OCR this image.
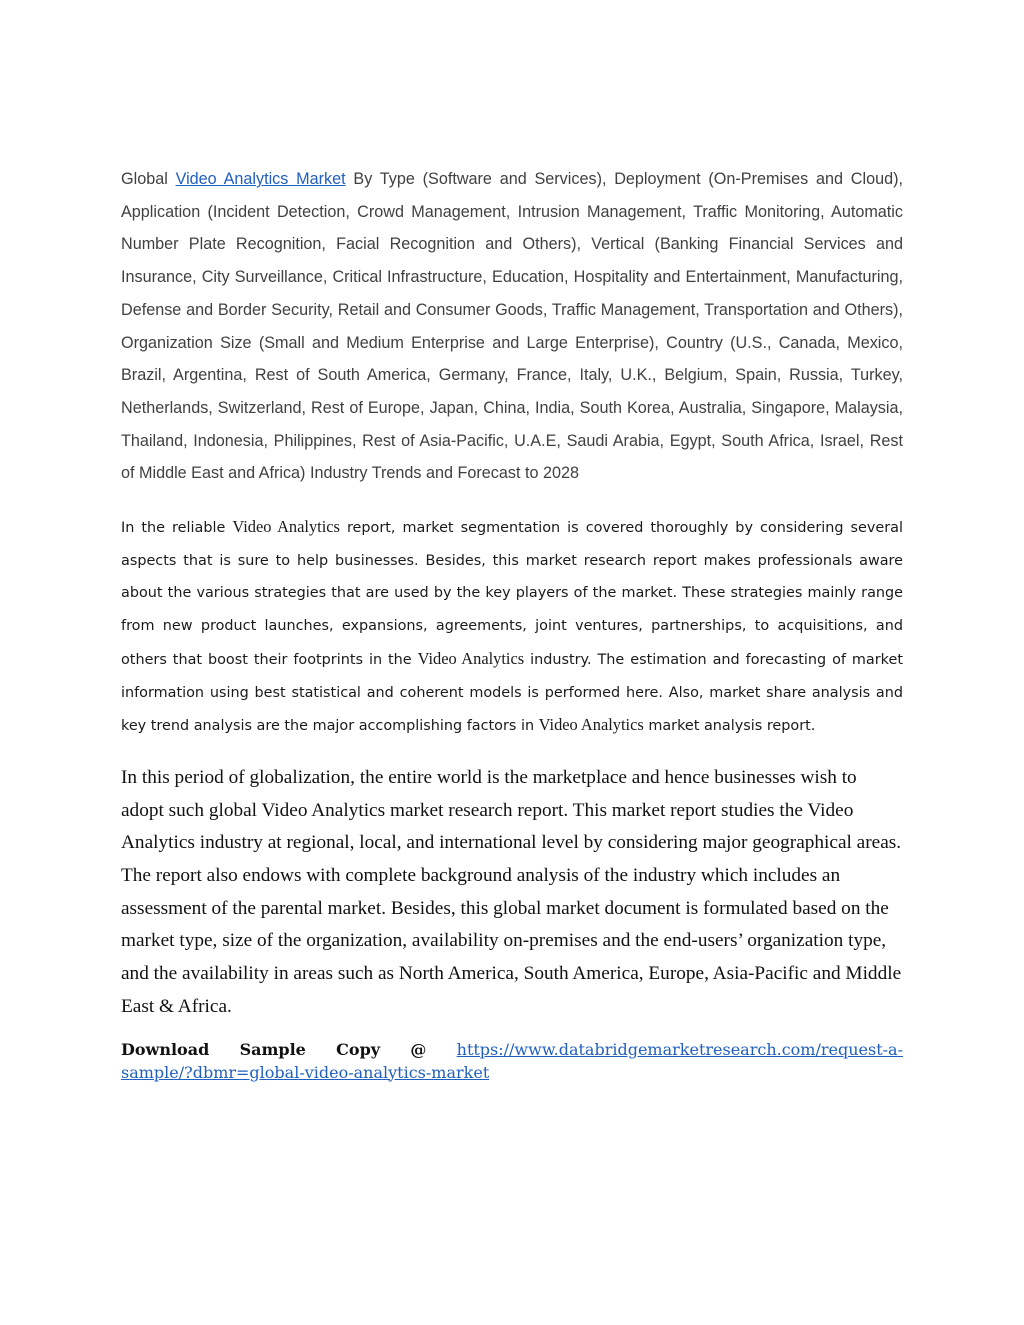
Global Video Analytics Market By Type (Software and Services), Deployment (On-Premises and Cloud), Application (Incident Detection, Crowd Management, Intrusion Management, Traffic Monitoring, Automatic Number Plate Recognition, Facial Recognition and Others), Vertical (Banking Financial Services and Insurance, City Surveillance, Critical Infrastructure, Education, Hospitality and Entertainment, Manufacturing, Defense and Border Security, Retail and Consumer Goods, Traffic Management, Transportation and Others), Organization Size (Small and Medium Enterprise and Large Enterprise), Country (U.S., Canada, Mexico, Brazil, Argentina, Rest of South America, Germany, France, Italy, U.K., Belgium, Spain, Russia, Turkey, Netherlands, Switzerland, Rest of Europe, Japan, China, India, South Korea, Australia, Singapore, Malaysia, Thailand, Indonesia, Philippines, Rest of Asia-Pacific, U.A.E, Saudi Arabia, Egypt, South Africa, Israel, Rest of Middle East and Africa) Industry Trends and Forecast to 2028

In the reliable Video Analytics report, market segmentation is covered thoroughly by considering several aspects that is sure to help businesses. Besides, this market research report makes professionals aware about the various strategies that are used by the key players of the market. These strategies mainly range from new product launches, expansions, agreements, joint ventures, partnerships, to acquisitions, and others that boost their footprints in the Video Analytics industry. The estimation and forecasting of market information using best statistical and coherent models is performed here. Also, market share analysis and key trend analysis are the major accomplishing factors in Video Analytics market analysis report.

In this period of globalization, the entire world is the marketplace and hence businesses wish to adopt such global Video Analytics market research report. This market report studies the Video Analytics industry at regional, local, and international level by considering major geographical areas. The report also endows with complete background analysis of the industry which includes an assessment of the parental market. Besides, this global market document is formulated based on the market type, size of the organization, availability on-premises and the end-users’ organization type, and the availability in areas such as North America, South America, Europe, Asia-Pacific and Middle East & Africa.

Download Sample Copy @ https://www.databridgemarketresearch.com/request-a-
sample/?dbmr=global-video-analytics-market
